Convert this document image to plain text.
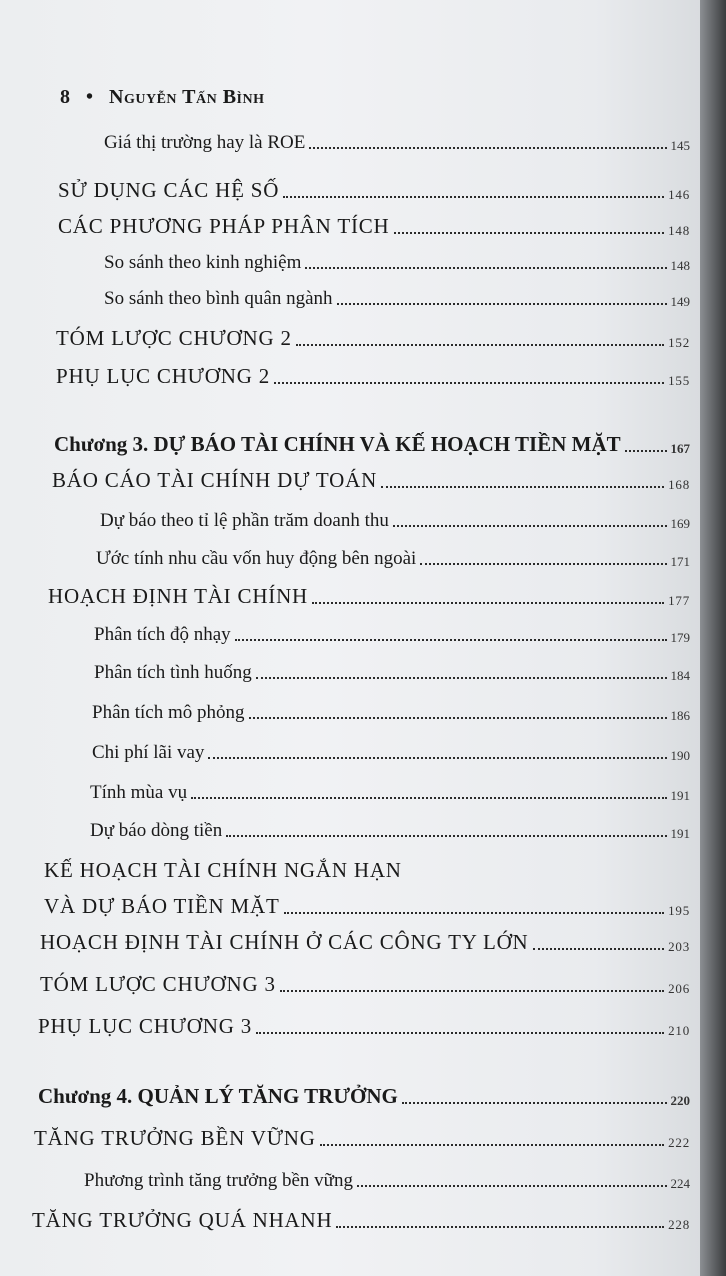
8 • Nguyễn Tấn Bình
Giá thị trường hay là ROE	145
SỬ DỤNG CÁC HỆ SỐ	146
CÁC PHƯƠNG PHÁP PHÂN TÍCH	148
So sánh theo kinh nghiệm	148
So sánh theo bình quân ngành	149
TÓM LƯỢC CHƯƠNG 2	152
PHỤ LỤC CHƯƠNG 2	155
Chương 3. DỰ BÁO TÀI CHÍNH VÀ KẾ HOẠCH TIỀN MẶT	167
BÁO CÁO TÀI CHÍNH DỰ TOÁN	168
Dự báo theo tỉ lệ phần trăm doanh thu	169
Ước tính nhu cầu vốn huy động bên ngoài	171
HOẠCH ĐỊNH TÀI CHÍNH	177
Phân tích độ nhạy	179
Phân tích tình huống	184
Phân tích mô phỏng	186
Chi phí lãi vay	190
Tính mùa vụ	191
Dự báo dòng tiền	191
KẾ HOẠCH TÀI CHÍNH NGẮN HẠN
VÀ DỰ BÁO TIỀN MẶT	195
HOẠCH ĐỊNH TÀI CHÍNH Ở CÁC CÔNG TY LỚN	203
TÓM LƯỢC CHƯƠNG 3	206
PHỤ LỤC CHƯƠNG 3	210
Chương 4. QUẢN LÝ TĂNG TRƯỞNG	220
TĂNG TRƯỞNG BỀN VỮNG	222
Phương trình tăng trưởng bền vững	224
TĂNG TRƯỞNG QUÁ NHANH	228
